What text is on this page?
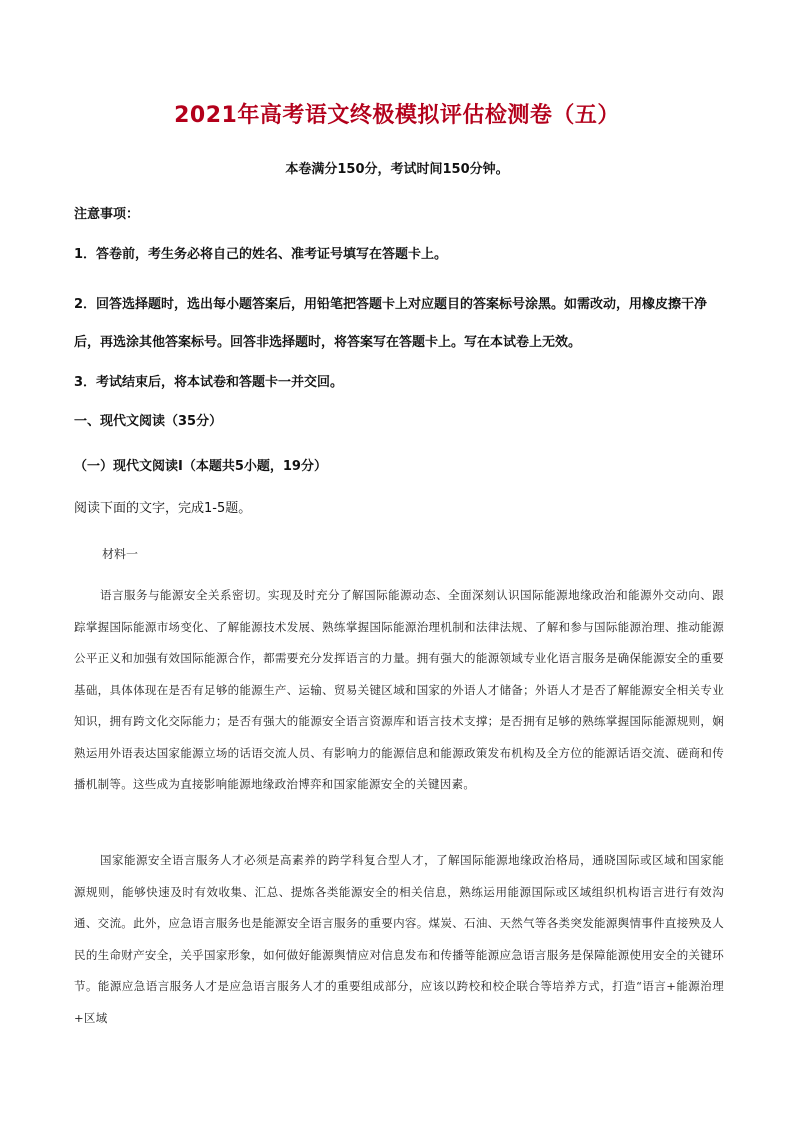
2021年高考语文终极模拟评估检测卷（五）
本卷满分150分，考试时间150分钟。
注意事项：
1．答卷前，考生务必将自己的姓名、准考证号填写在答题卡上。
2．回答选择题时，选出每小题答案后，用铅笔把答题卡上对应题目的答案标号涂黑。如需改动，用橡皮擦干净后，再选涂其他答案标号。回答非选择题时，将答案写在答题卡上。写在本试卷上无效。
3．考试结束后，将本试卷和答题卡一并交回。
一、现代文阅读（35分）
（一）现代文阅读Ⅰ（本题共5小题，19分）
阅读下面的文字，完成1-5题。
材料一

语言服务与能源安全关系密切。实现及时充分了解国际能源动态、全面深刻认识国际能源地缘政治和能源外交动向、跟踪掌握国际能源市场变化、了解能源技术发展、熟练掌握国际能源治理机制和法律法规、了解和参与国际能源治理、推动能源公平正义和加强有效国际能源合作，都需要充分发挥语言的力量。拥有强大的能源领域专业化语言服务是确保能源安全的重要基础，具体体现在是否有足够的能源生产、运输、贸易关键区域和国家的外语人才储备；外语人才是否了解能源安全相关专业知识，拥有跨文化交际能力；是否有强大的能源安全语言资源库和语言技术支撑；是否拥有足够的熟练掌握国际能源规则，娴熟运用外语表达国家能源立场的话语交流人员、有影响力的能源信息和能源政策发布机构及全方位的能源话语交流、磋商和传播机制等。这些成为直接影响能源地缘政治博弈和国家能源安全的关键因素。

国家能源安全语言服务人才必须是高素养的跨学科复合型人才，了解国际能源地缘政治格局，通晓国际或区域和国家能源规则，能够快速及时有效收集、汇总、提炼各类能源安全的相关信息，熟练运用能源国际或区域组织机构语言进行有效沟通、交流。此外，应急语言服务也是能源安全语言服务的重要内容。煤炭、石油、天然气等各类突发能源舆情事件直接殃及人民的生命财产安全，关乎国家形象，如何做好能源舆情应对信息发布和传播等能源应急语言服务是保障能源使用安全的关键环节。能源应急语言服务人才是应急语言服务人才的重要组成部分，应该以跨校和校企联合等培养方式，打造“语言+能源治理+区域
